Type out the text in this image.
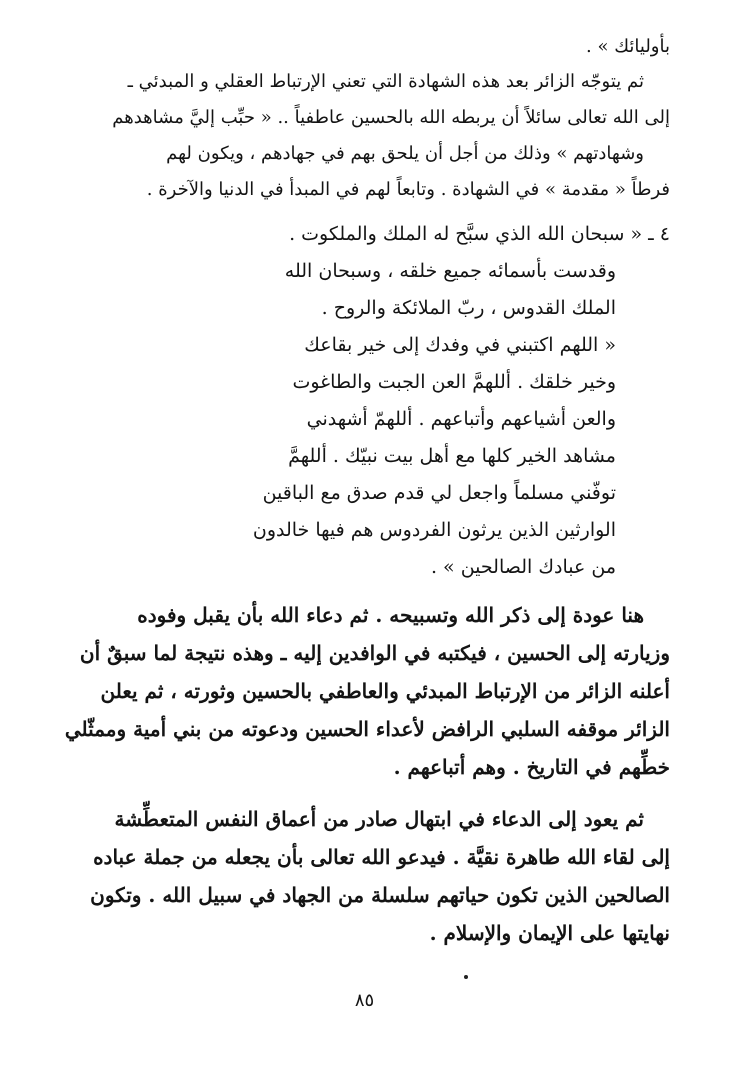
بأوليائك » .
ثم يتوجّه الزائر بعد هذه الشهادة التي تعني الإرتباط العقلي و المبدئي ـ
إلى الله تعالى سائلاً أن يربطه الله بالحسين عاطفياً .. « حبِّب إليَّ مشاهدهم
وشهادتهم » وذلك من أجل أن يلحق بهم في جهادهم ، ويكون لهم
فرطاً « مقدمة » في الشهادة . وتابعاً لهم في المبدأ في الدنيا والآخرة .
٤ ـ « سبحان الله الذي سبَّح له الملك والملكوت .
وقدست بأسمائه جميع خلقه ، وسبحان الله
الملك القدوس ، ربّ الملائكة والروح .
« اللهم اكتبني في وفدك إلى خير بقاعك
وخير خلقك . أللهمَّ العن الجبت والطاغوت
والعن أشياعهم وأتباعهم . أللهمّ أشهدني
مشاهد الخير كلها مع أهل بيت نبيّك . أللهمَّ
توفّني مسلماً واجعل لي قدم صدق مع الباقين
الوارثين الذين يرثون الفردوس هم فيها خالدون
من عبادك الصالحين » .
هنا عودة إلى ذكر الله وتسبيحه . ثم دعاء الله بأن يقبل وفوده
وزيارته إلى الحسين ، فيكتبه في الوافدين إليه ـ وهذه نتيجة لما سبقٌ أن
أعلنه الزائر من الإرتباط المبدئي والعاطفي بالحسين وثورته ، ثم يعلن
الزائر موقفه السلبي الرافض لأعداء الحسين ودعوته من بني أمية وممثّلي
خطِّهم في التاريخ . وهم أتباعهم .
ثم يعود إلى الدعاء في ابتهال صادر من أعماق النفس المتعطِّشة
إلى لقاء الله طاهرة نقيَّة . فيدعو الله تعالى بأن يجعله من جملة عباده
الصالحين الذين تكون حياتهم سلسلة من الجهاد في سبيل الله . وتكون
نهايتها على الإيمان والإسلام .
٨٥
